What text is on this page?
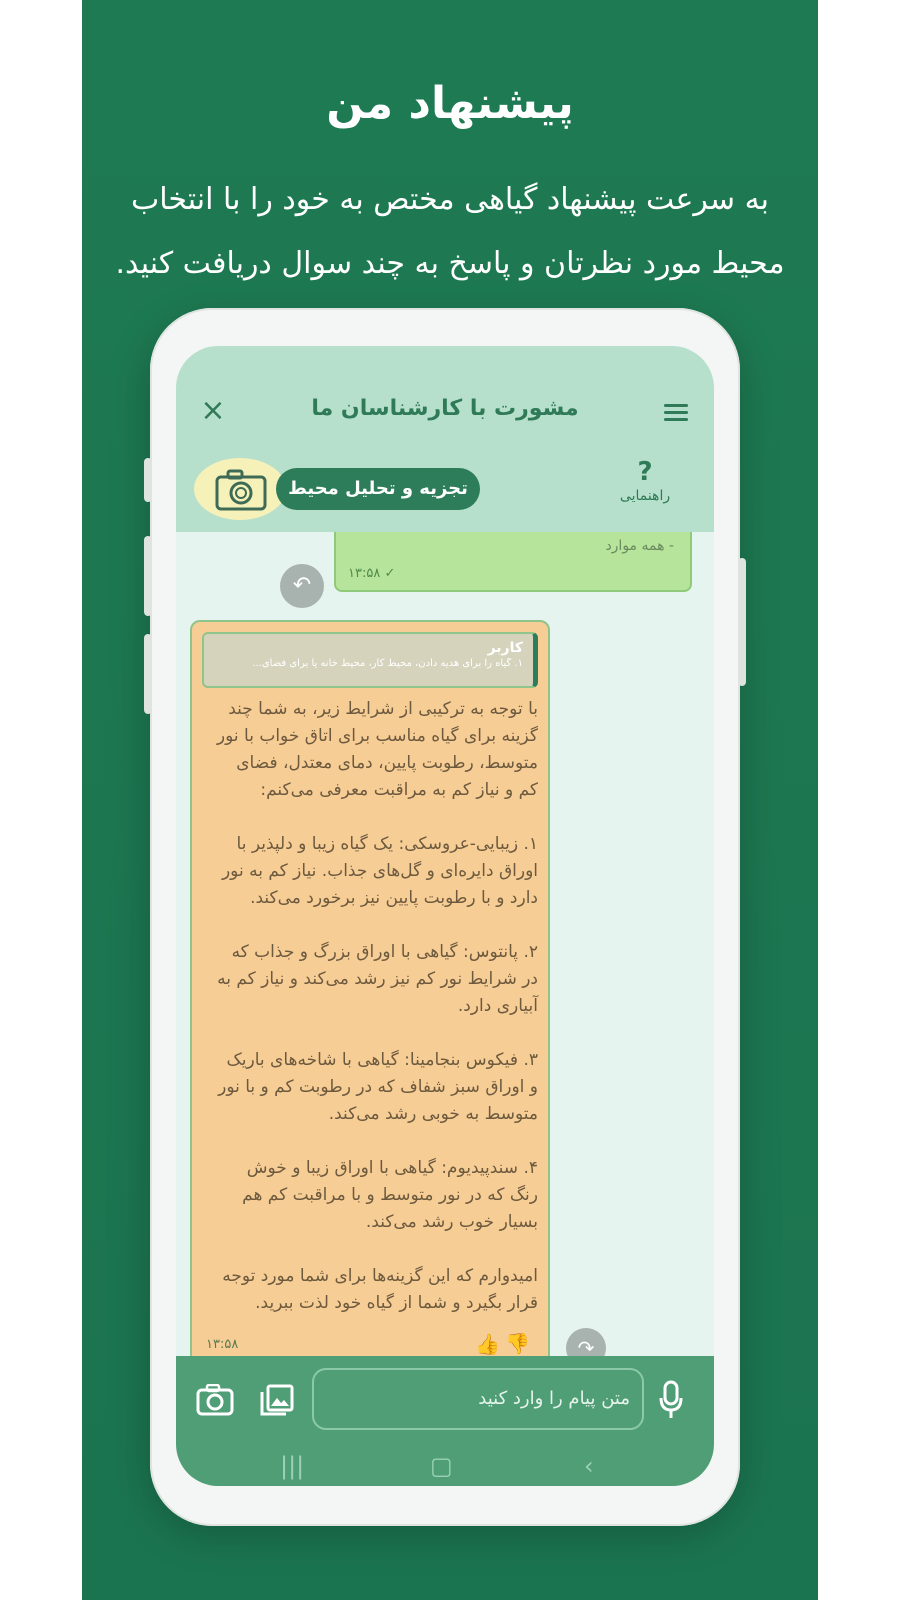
پیشنهاد من
به سرعت پیشنهاد گیاهی مختص به خود را با انتخاب
محیط مورد نظرتان و پاسخ به چند سوال دریافت کنید.
×	مشورت با کارشناسان ما
تجزیه و تحلیل محیط
?
راهنمایی
- همه موارد
۱۳:۵۸ ✓
↶
کاربر
۱. گیاه را برای هدیه دادن، محیط کار، محیط خانه یا برای فضای...

با توجه به ترکیبی از شرایط زیر، به شما چند گزینه برای گیاه مناسب برای اتاق خواب با نور متوسط، رطوبت پایین، دمای معتدل، فضای کم و نیاز کم به مراقبت معرفی می‌کنم:

۱. زیبایی-عروسکی: یک گیاه زیبا و دلپذیر با اوراق دایره‌ای و گل‌های جذاب. نیاز کم به نور دارد و با رطوبت پایین نیز برخورد می‌کند.

۲. پانتوس: گیاهی با اوراق بزرگ و جذاب که در شرایط نور کم نیز رشد می‌کند و نیاز کم به آبیاری دارد.

۳. فیکوس بنجامینا: گیاهی با شاخه‌های باریک و اوراق سبز شفاف که در رطوبت کم و با نور متوسط به خوبی رشد می‌کند.

۴. سندپیدیوم: گیاهی با اوراق زیبا و خوش رنگ که در نور متوسط و با مراقبت کم هم بسیار خوب رشد می‌کند.

امیدوارم که این گزینه‌ها برای شما مورد توجه قرار بگیرد و شما از گیاه خود لذت ببرید.

👍 👍
۱۳:۵۸	↷
متن پیام را وارد کنید
|||	▢	‹
